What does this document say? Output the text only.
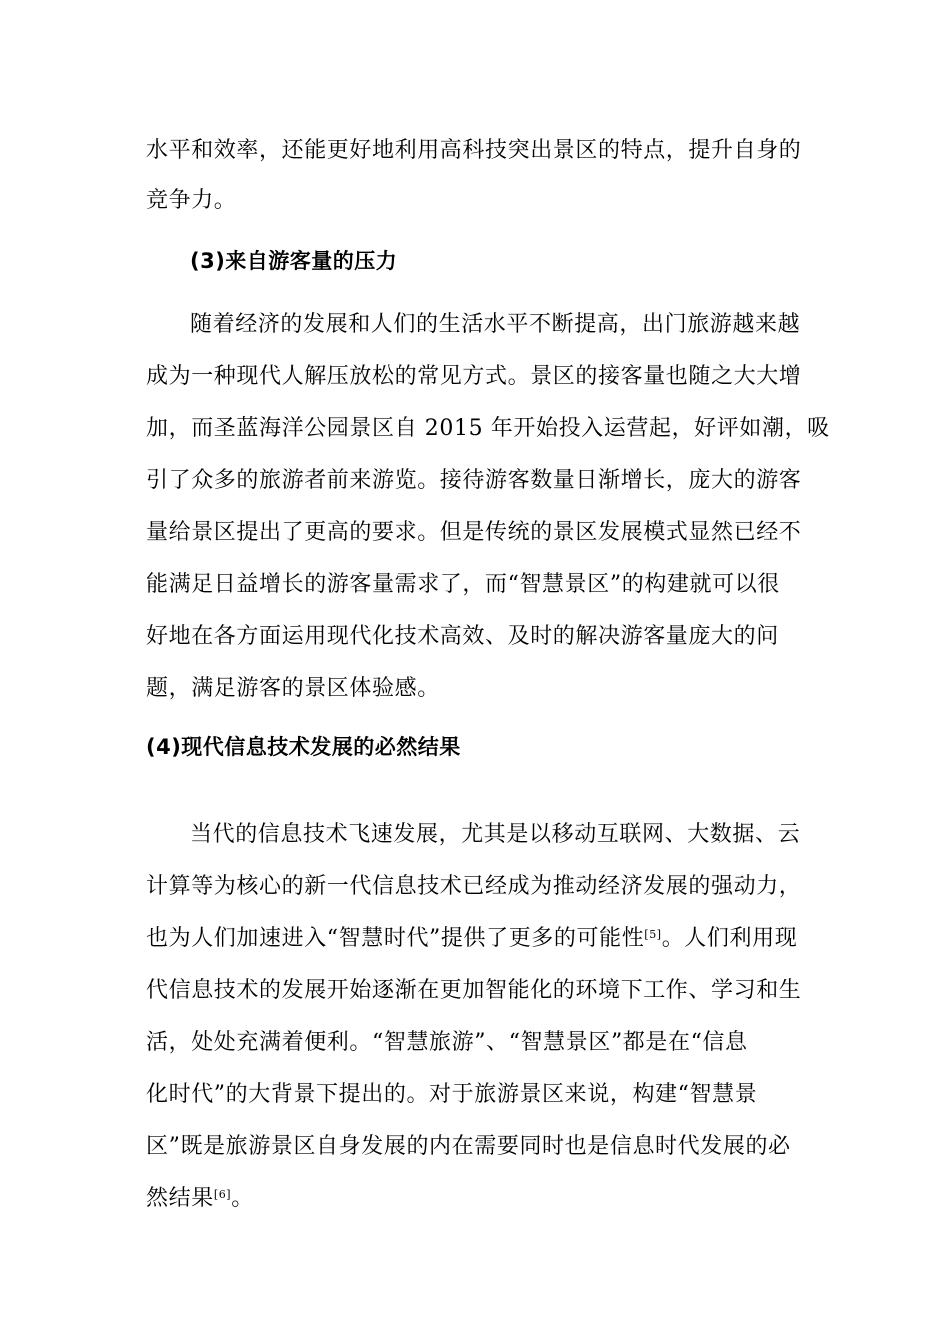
水平和效率，还能更好地利用高科技突出景区的特点，提升自身的
竞争力。
(3)来自游客量的压力
随着经济的发展和人们的生活水平不断提高，出门旅游越来越
成为一种现代人解压放松的常见方式。景区的接客量也随之大大增
加，而圣蓝海洋公园景区自 2015 年开始投入运营起，好评如潮，吸
引了众多的旅游者前来游览。接待游客数量日渐增长，庞大的游客
量给景区提出了更高的要求。但是传统的景区发展模式显然已经不
能满足日益增长的游客量需求了，而“智慧景区”的构建就可以很
好地在各方面运用现代化技术高效、及时的解决游客量庞大的问
题，满足游客的景区体验感。
(4)现代信息技术发展的必然结果
当代的信息技术飞速发展，尤其是以移动互联网、大数据、云
计算等为核心的新一代信息技术已经成为推动经济发展的强动力，
也为人们加速进入“智慧时代”提供了更多的可能性[5]。人们利用现
代信息技术的发展开始逐渐在更加智能化的环境下工作、学习和生
活，处处充满着便利。“智慧旅游”、“智慧景区”都是在“信息
化时代”的大背景下提出的。对于旅游景区来说，构建“智慧景
区”既是旅游景区自身发展的内在需要同时也是信息时代发展的必
然结果[6]。
